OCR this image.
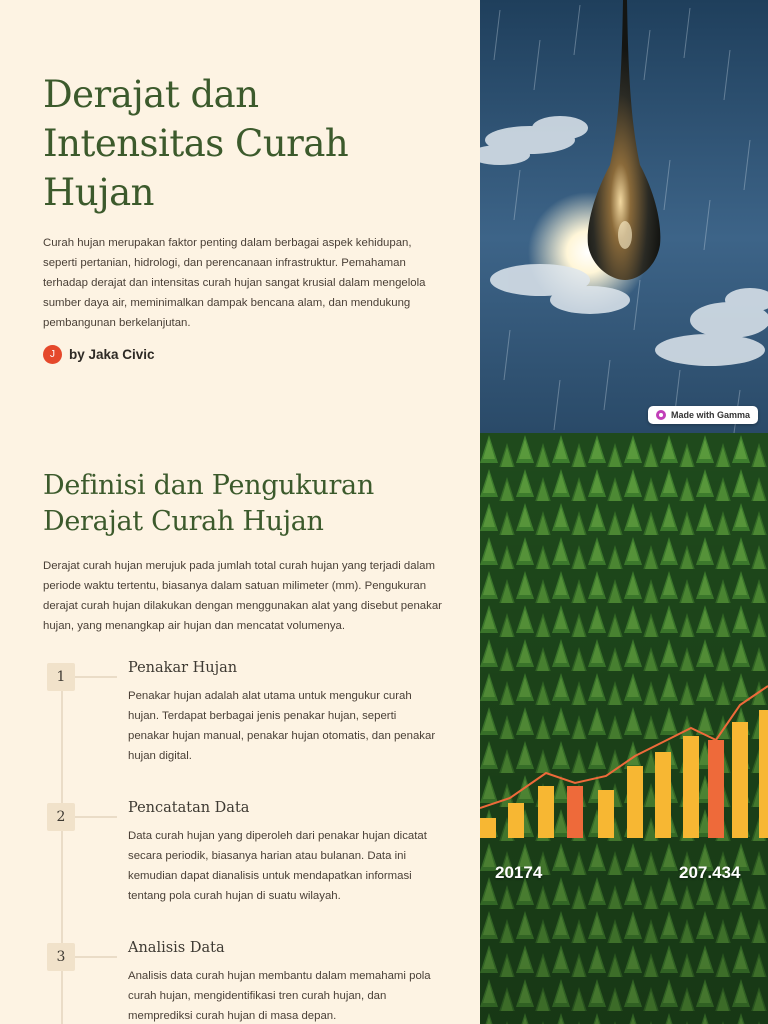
Derajat dan Intensitas Curah Hujan

Curah hujan merupakan faktor penting dalam berbagai aspek kehidupan, seperti pertanian, hidrologi, dan perencanaan infrastruktur. Pemahaman terhadap derajat dan intensitas curah hujan sangat krusial dalam mengelola sumber daya air, meminimalkan dampak bencana alam, dan mendukung pembangunan berkelanjutan.

J	by Jaka Civic
Made with Gamma
Definisi dan Pengukuran Derajat Curah Hujan

Derajat curah hujan merujuk pada jumlah total curah hujan yang terjadi dalam periode waktu tertentu, biasanya dalam satuan milimeter (mm). Pengukuran derajat curah hujan dilakukan dengan menggunakan alat yang disebut penakar hujan, yang menangkap air hujan dan mencatat volumenya.

1
Penakar Hujan
Penakar hujan adalah alat utama untuk mengukur curah hujan. Terdapat berbagai jenis penakar hujan, seperti penakar hujan manual, penakar hujan otomatis, dan penakar hujan digital.
2
Pencatatan Data
Data curah hujan yang diperoleh dari penakar hujan dicatat secara periodik, biasanya harian atau bulanan. Data ini kemudian dapat dianalisis untuk mendapatkan informasi tentang pola curah hujan di suatu wilayah.
3
Analisis Data
Analisis data curah hujan membantu dalam memahami pola curah hujan, mengidentifikasi tren curah hujan, dan memprediksi curah hujan di masa depan.
20174	207.434
